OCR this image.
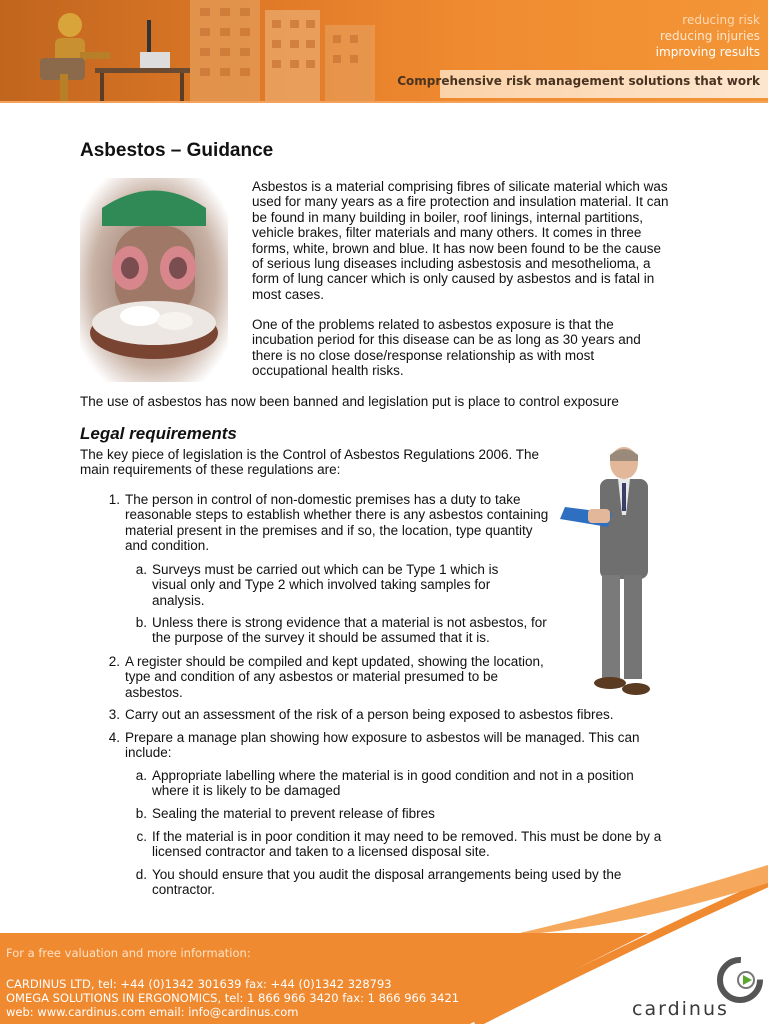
reducing risk
reducing injuries
improving results
Comprehensive risk management solutions that work
Asbestos – Guidance

Asbestos is a material comprising fibres of silicate material which was used for many years as a fire protection and insulation material. It can be found in many building in boiler, roof linings, internal partitions, vehicle brakes, filter materials and many others. It comes in three forms, white, brown and blue. It has now been found to be the cause of serious lung diseases including asbestosis and mesothelioma, a form of lung cancer which is only caused by asbestos and is fatal in most cases.

One of the problems related to asbestos exposure is that the incubation period for this disease can be as long as 30 years and there is no close dose/response relationship as with most occupational health risks.

The use of asbestos has now been banned and legislation put is place to control exposure

Legal requirements

The key piece of legislation is the Control of Asbestos Regulations 2006. The main requirements of these regulations are:

1. The person in control of non-domestic premises has a duty to take reasonable steps to establish whether there is any asbestos containing material present in the premises and if so, the location, type quantity and condition.

a. Surveys must be carried out which can be Type 1 which is visual only and Type 2 which involved taking samples for analysis.

b. Unless there is strong evidence that a material is not asbestos, for the purpose of the survey it should be assumed that it is.

2. A register should be compiled and kept updated, showing the location, type and condition of any asbestos or material presumed to be asbestos.

3. Carry out an assessment of the risk of a person being exposed to asbestos fibres.

4. Prepare a manage plan showing how exposure to asbestos will be managed. This can include:

a. Appropriate labelling where the material is in good condition and not in a position where it is likely to be damaged

b. Sealing the material to prevent release of fibres

c. If the material is in poor condition it may need to be removed. This must be done by a licensed contractor and taken to a licensed disposal site.

d. You should ensure that you audit the disposal arrangements being used by the contractor.

For a free valuation and more information:

CARDINUS LTD, tel: +44 (0)1342 301639 fax: +44 (0)1342 328793

OMEGA SOLUTIONS IN ERGONOMICS, tel: 1 866 966 3420 fax: 1 866 966 3421

web: www.cardinus.com email: info@cardinus.com	cardinus
